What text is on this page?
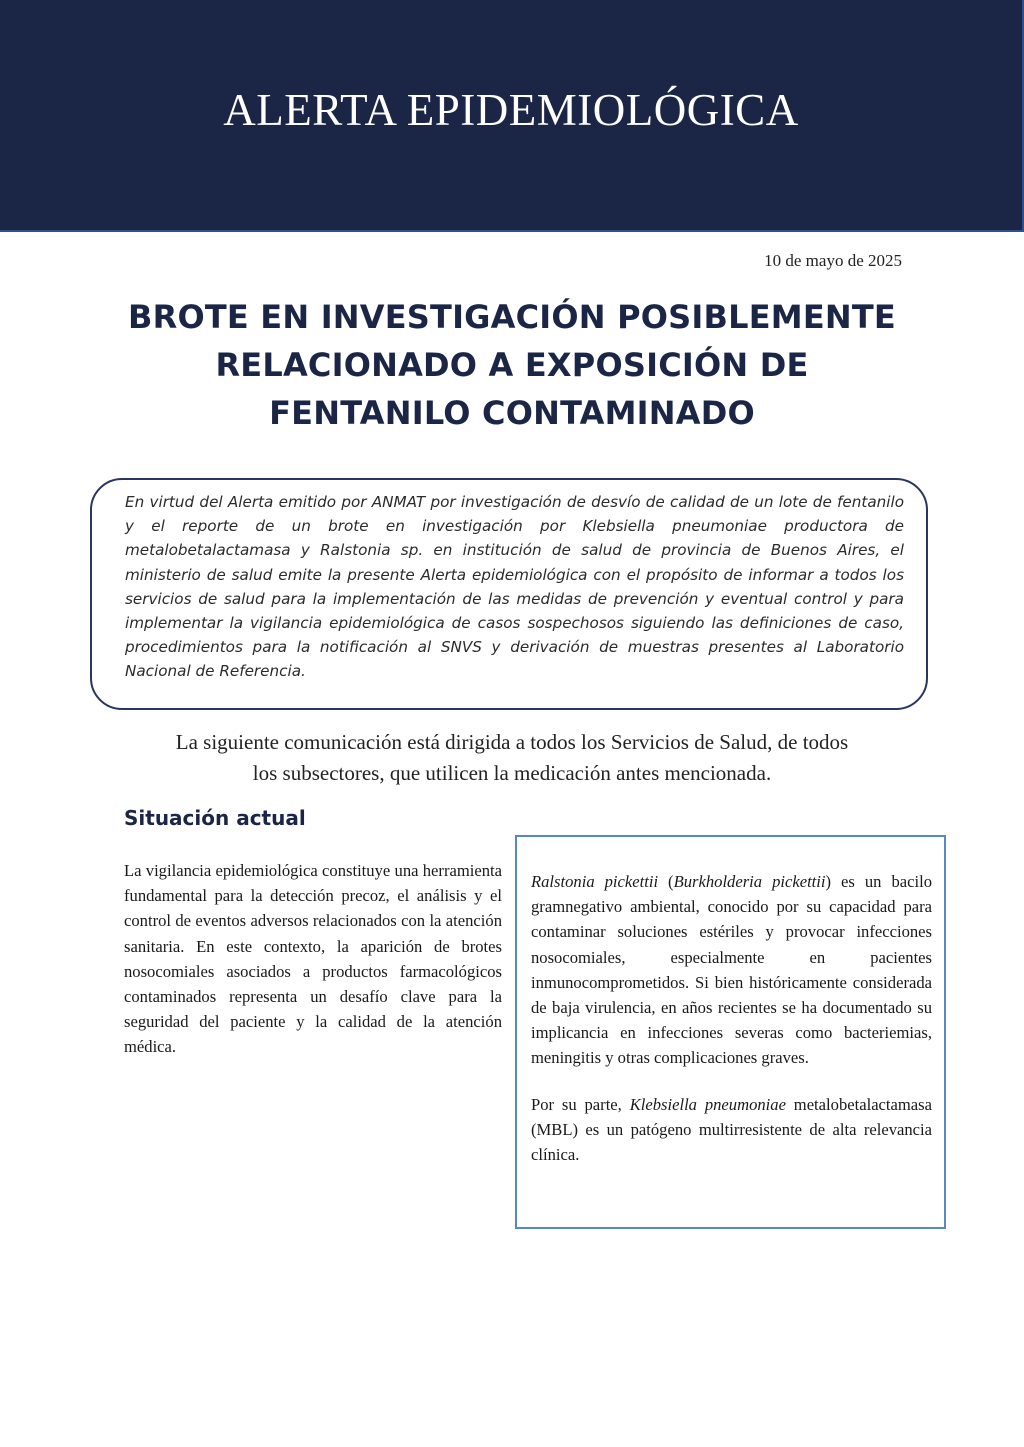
ALERTA EPIDEMIOLÓGICA
10 de mayo de 2025
BROTE EN INVESTIGACIÓN POSIBLEMENTE
RELACIONADO A EXPOSICIÓN DE
FENTANILO CONTAMINADO
En virtud del Alerta emitido por ANMAT por investigación de desvío de calidad de un lote de fentanilo y el reporte de un brote en investigación por Klebsiella pneumoniae productora de metalobetalactamasa y Ralstonia sp. en institución de salud de provincia de Buenos Aires, el ministerio de salud emite la presente Alerta epidemiológica con el propósito de informar a todos los servicios de salud para la implementación de las medidas de prevención y eventual control y para implementar la vigilancia epidemiológica de casos sospechosos siguiendo las definiciones de caso, procedimientos para la notificación al SNVS y derivación de muestras presentes al Laboratorio Nacional de Referencia.
La siguiente comunicación está dirigida a todos los Servicios de Salud, de todos
los subsectores, que utilicen la medicación antes mencionada.
Situación actual
La vigilancia epidemiológica constituye una herramienta fundamental para la detección precoz, el análisis y el control de eventos adversos relacionados con la atención sanitaria. En este contexto, la aparición de brotes nosocomiales asociados a productos farmacológicos contaminados representa un desafío clave para la seguridad del paciente y la calidad de la atención médica.

Ralstonia pickettii (Burkholderia pickettii) es un bacilo gramnegativo ambiental, conocido por su capacidad para contaminar soluciones estériles y provocar infecciones nosocomiales, especialmente en pacientes inmunocomprometidos. Si bien históricamente considerada de baja virulencia, en años recientes se ha documentado su implicancia en infecciones severas como bacteriemias, meningitis y otras complicaciones graves.

Por su parte, Klebsiella pneumoniae metalobetalactamasa (MBL) es un patógeno multirresistente de alta relevancia clínica.
